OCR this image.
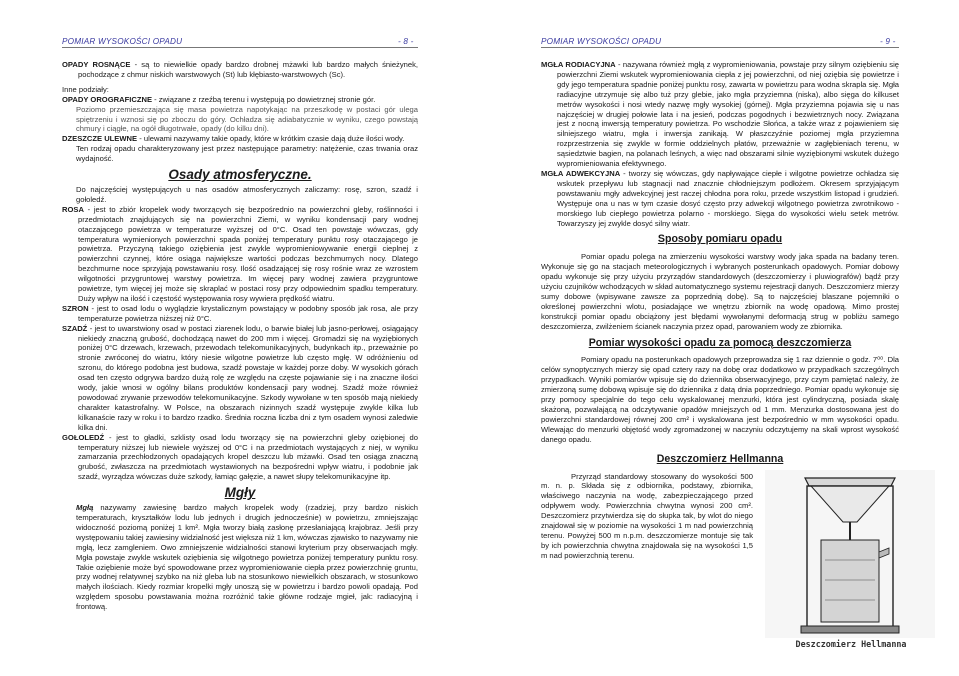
POMIAR WYSOKOŚCI OPADU	- 8 -

OPADY ROSNĄCE - są to niewielkie opady bardzo drobnej mżawki lub bardzo małych śnieżynek, pochodzące z chmur niskich warstwowych (St) lub kłębiasto-warstwowych (Sc).

Inne podziały:

OPADY OROGRAFICZNE - związane z rzeźbą terenu i występują po dowietrznej stronie gór.

Poziomo przemieszczająca się masa powietrza napotykając na przeszkodę w postaci gór ulega spiętrzeniu i wznosi się po zboczu do góry. Ochładza się adiabatycznie w wyniku, czego powstają chmury i ciągłe, na ogół długotrwałe, opady (do kilku dni).

DZESZCZE ULEWNE - ulewami nazywamy takie opady, które w krótkim czasie dają duże ilości wody.

Ten rodzaj opadu charakteryzowany jest przez następujące parametry: natężenie, czas trwania oraz wydajność.

Osady atmosferyczne.

Do najczęściej występujących u nas osadów atmosferycznych zaliczamy: rosę, szron, szadź i gołoledź.

ROSA - jest to zbiór kropelek wody tworzących się bezpośrednio na powierzchni gleby, roślinności i przedmiotach znajdujących się na powierzchni Ziemi, w wyniku kondensacji pary wodnej otaczającego powietrza w temperaturze wyższej od 0°C. Osad ten powstaje wówczas, gdy temperatura wymienionych powierzchni spada poniżej temperatury punktu rosy otaczającego je powietrza. Przyczyną takiego oziębienia jest zwykle wypromieniowywanie energii cieplnej z powierzchni czynnej, które osiąga największe wartości podczas bezchmurnych nocy. Dlatego bezchmurne noce sprzyjają powstawaniu rosy. Ilość osadzającej się rosy rośnie wraz ze wzrostem wilgotności przygruntowej warstwy powietrza. Im więcej pary wodnej zawiera przygruntowe powietrze, tym więcej jej może się skraplać w postaci rosy przy odpowiednim spadku temperatury. Duży wpływ na ilość i częstość występowania rosy wywiera prędkość wiatru.

SZRON - jest to osad lodu o wyglądzie krystalicznym powstający w podobny sposób jak rosa, ale przy temperaturze powietrza niższej niż 0°C.

SZADŹ - jest to uwarstwiony osad w postaci ziarenek lodu, o barwie białej lub jasno-perłowej, osiągający niekiedy znaczną grubość, dochodzącą nawet do 200 mm i więcej. Gromadzi się na wyziębionych poniżej 0°C drzewach, krzewach, przewodach telekomunikacyjnych, budynkach itp., przeważnie po stronie zwróconej do wiatru, który niesie wilgotne powietrze lub często mgłę. W odróżnieniu od szronu, do którego podobna jest budowa, szadź powstaje w każdej porze doby. W wysokich górach osad ten często odgrywa bardzo dużą rolę ze względu na częste pojawianie się i na znaczne ilości wody, jakie wnosi w ogólny bilans produktów kondensacji pary wodnej. Szadź może również powodować zrywanie przewodów telekomunikacyjne. Szkody wywołane w ten sposób mają niekiedy charakter katastrofalny. W Polsce, na obszarach nizinnych szadź występuje zwykle kilka lub kilkanaście razy w roku i to bardzo rzadko. Średnia roczna liczba dni z tym osadem wynosi zaledwie kilka dni.

GOŁOLEDŹ - jest to gładki, szklisty osad lodu tworzący się na powierzchni gleby oziębionej do temperatury niższej lub niewiele wyższej od 0°C i na przedmiotach wystających z niej, w wyniku zamarzania przechłodzonych opadających kropel deszczu lub mżawki. Osad ten osiąga znaczną grubość, zwłaszcza na przedmiotach wystawionych na bezpośredni wpływ wiatru, i podobnie jak szadź, wyrządza wówczas duże szkody, łamiąc gałęzie, a nawet słupy telekomunikacyjne itp.

Mgły

Mgłą nazywamy zawiesinę bardzo małych kropelek wody (rzadziej, przy bardzo niskich temperaturach, kryształków lodu lub jednych i drugich jednocześnie) w powietrzu, zmniejszając widoczność poziomą poniżej 1 km². Mgła tworzy białą zasłonę przesłaniającą krajobraz. Jeśli przy występowaniu takiej zawiesiny widzialność jest większa niż 1 km, wówczas zjawisko to nazywamy nie mgłą, lecz zamgleniem. Owo zmniejszenie widzialności stanowi kryterium przy obserwacjach mgły. Mgła powstaje zwykle wskutek oziębienia się wilgotnego powietrza poniżej temperatury punktu rosy. Takie oziębienie może być spowodowane przez wypromieniowanie ciepła przez powierzchnię gruntu, przy wodnej relatywnej szybko na niż gleba lub na stosunkowo niewielkich obszarach, w stosunkowo małych ilościach. Kiedy rozmiar kropelki mgły unoszą się w powietrzu i bardzo powoli opadają. Pod względem sposobu powstawania można rozróżnić takie główne rodzaje mgieł, jak: radiacyjną i frontową.

POMIAR WYSOKOŚCI OPADU	- 9 -

MGŁA RODIACYJNA - nazywana również mgłą z wypromieniowania, powstaje przy silnym oziębieniu się powierzchni Ziemi wskutek wypromieniowania ciepła z jej powierzchni, od niej oziębia się powietrze i gdy jego temperatura spadnie poniżej punktu rosy, zawarta w powietrzu para wodna skrapla się. Mgła radiacyjne utrzymuje się albo tuż przy glebie, jako mgła przyziemna (niska), albo sięga do kilkuset metrów wysokości i nosi wtedy nazwę mgły wysokiej (górnej). Mgła przyziemna pojawia się u nas najczęściej w drugiej połowie lata i na jesień, podczas pogodnych i bezwietrznych nocy. Związana jest z nocną inwersją temperatury powietrza. Po wschodzie Słońca, a także wraz z pojawieniem się silniejszego wiatru, mgła i inwersja zanikają. W płaszczyźnie poziomej mgła przyziemna rozprzestrzenia się zwykle w formie oddzielnych płatów, przeważnie w zagłębieniach terenu, w sąsiedztwie bagien, na polanach leśnych, a więc nad obszarami silnie wyziębionymi wskutek dużego wypromieniowania efektywnego.

MGŁA ADWEKCYJNA - tworzy się wówczas, gdy napływające ciepłe i wilgotne powietrze ochładza się wskutek przepływu lub stagnacji nad znacznie chłodniejszym podłożem. Okresem sprzyjającym powstawaniu mgły adwekcyjnej jest raczej chłodna pora roku, przede wszystkim listopad i grudzień. Występuje ona u nas w tym czasie dosyć często przy adwekcji wilgotnego powietrza zwrotnikowo - morskiego lub ciepłego powietrza polarno - morskiego. Sięga do wysokości wielu setek metrów. Towarzyszy jej zwykle dosyć silny wiatr.

Sposoby pomiaru opadu

Pomiar opadu polega na zmierzeniu wysokości warstwy wody jaka spada na badany teren. Wykonuje się go na stacjach meteorologicznych i wybranych posterunkach opadowych. Pomiar dobowy opadu wykonuje się przy użyciu przyrządów standardowych (deszczomierzy i pluwiografów) bądź przy użyciu czujników wchodzących w skład automatycznego systemu rejestracji danych. Deszczomierz mierzy sumy dobowe (wpisywane zawsze za poprzednią dobę). Są to najczęściej blaszane pojemniki o określonej powierzchni wlotu, posiadające we wnętrzu zbiornik na wodę opadową. Mimo prostej konstrukcji pomiar opadu obciążony jest błędami wywołanymi deformacją strug w pobliżu samego deszczomierza, zwilżeniem ścianek naczynia przez opad, parowaniem wody ze zbiornika.

Pomiar wysokości opadu za pomocą deszczomierza

Pomiary opadu na posterunkach opadowych przeprowadza się 1 raz dziennie o godz. 7⁰⁰. Dla celów synoptycznych mierzy się opad cztery razy na dobę oraz dodatkowo w przypadkach szczególnych przypadkach. Wyniki pomiarów wpisuje się do dziennika obserwacyjnego, przy czym pamiętać należy, że zmierzoną sumę dobową wpisuje się do dziennika z datą dnia poprzedniego. Pomiar opadu wykonuje się przy pomocy specjalnie do tego celu wyskalowanej menzurki, która jest cylindryczną, posiada skalę skażoną, pozwalającą na odczytywanie opadów mniejszych od 1 mm. Menzurka dostosowana jest do powierzchni standardowej równej 200 cm² i wyskalowana jest bezpośrednio w mm wysokości opadu. Wlewając do menzurki objętość wody zgromadzonej w naczyniu odczytujemy na skali wprost wysokość danego opadu.

Deszczomierz Hellmanna

Przyrząd standardowy stosowany do wysokości 500 m. n. p. Składa się z odbiornika, podstawy, zbiornika, właściwego naczynia na wodę, zabezpieczającego przed odpływem wody. Powierzchnia chwytna wynosi 200 cm². Deszczomierz przytwierdza się do słupka tak, by wlot do niego znajdował się w poziomie na wysokości 1 m nad powierzchnią terenu. Powyżej 500 m n.p.m. deszczomierze montuje się tak by ich powierzchnia chwytna znajdowała się na wysokości 1,5 m nad powierzchnią terenu.

Deszczomierz Hellmanna
